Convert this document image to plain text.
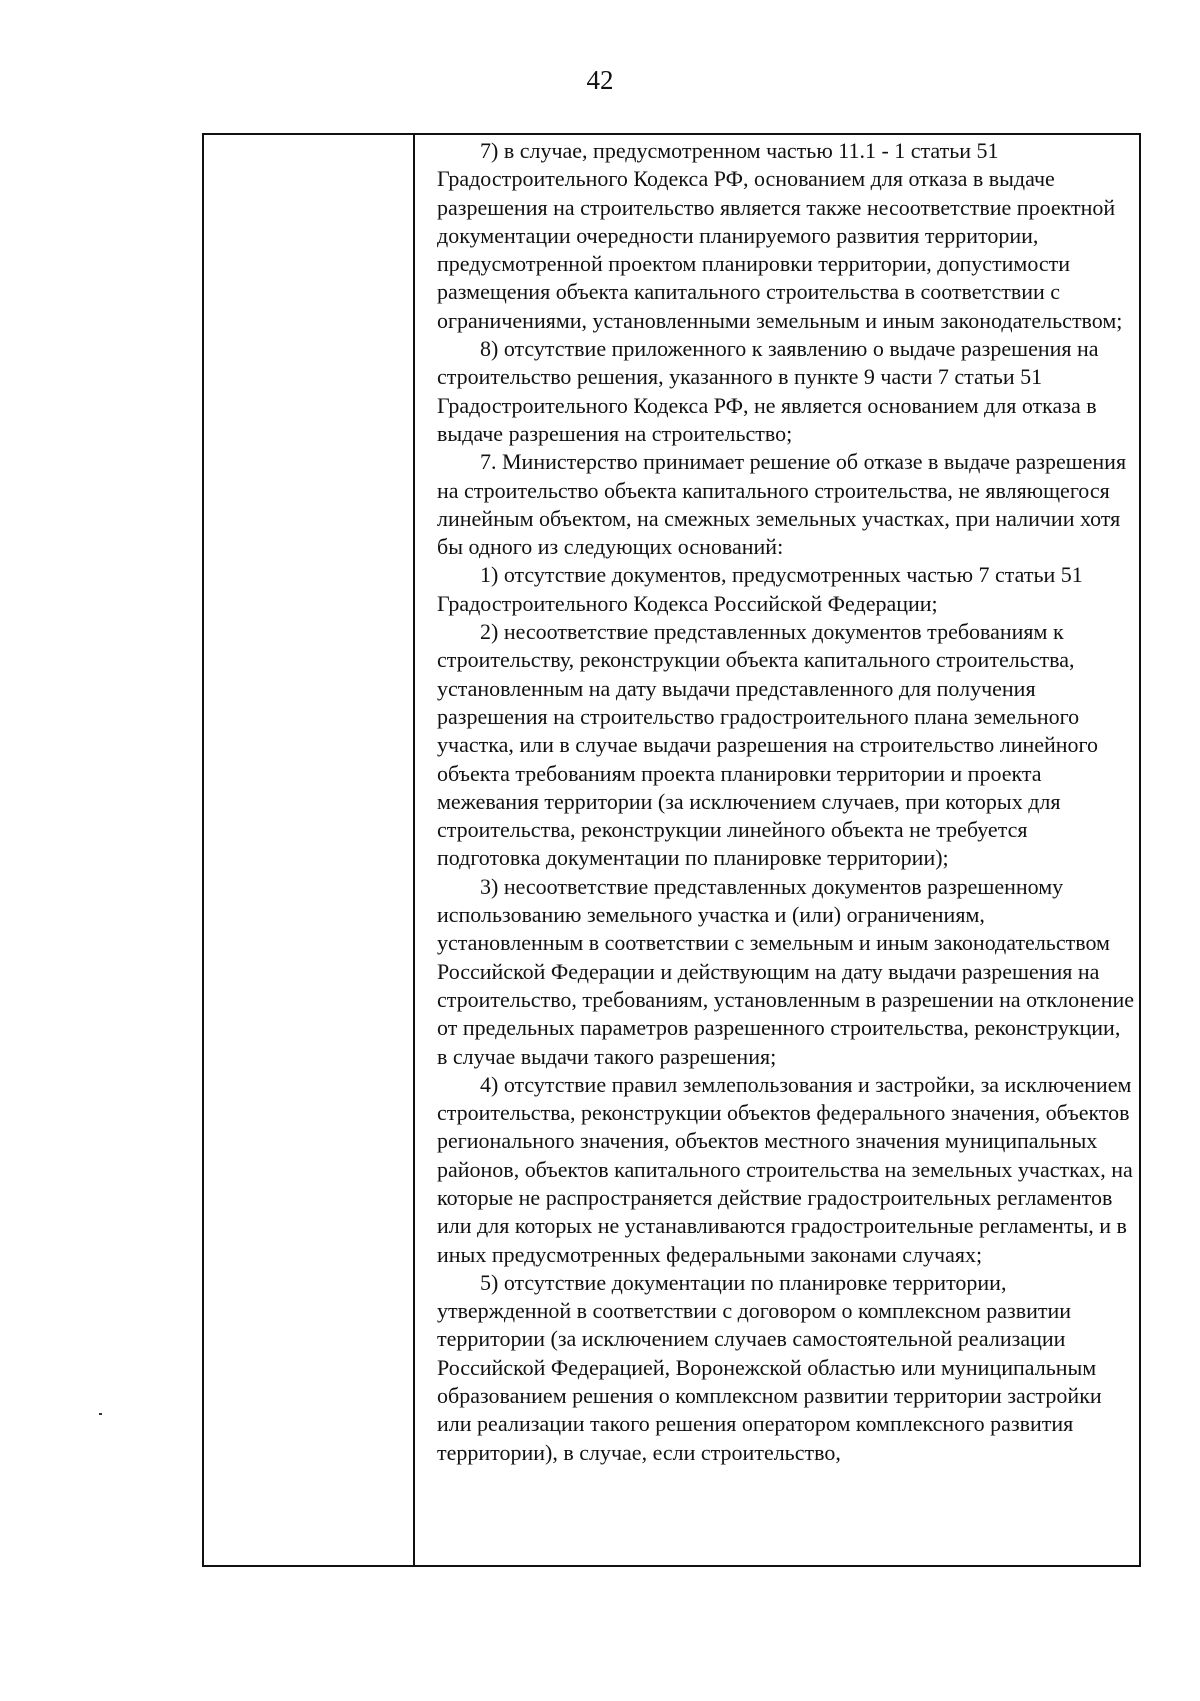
42

7) в случае, предусмотренном частью 11.1 - 1 статьи 51 Градостроительного Кодекса РФ, основанием для отказа в выдаче разрешения на строительство является также несоответствие проектной документации очередности планируемого развития территории, предусмотренной проектом планировки территории, допустимости размещения объекта капитального строительства в соответствии с ограничениями, установленными земельным и иным законодательством;

8) отсутствие приложенного к заявлению о выдаче разрешения на строительство решения, указанного в пункте 9 части 7 статьи 51 Градостроительного Кодекса РФ, не является основанием для отказа в выдаче разрешения на строительство;

7. Министерство принимает решение об отказе в выдаче разрешения на строительство объекта капитального строительства, не являющегося линейным объектом, на смежных земельных участках, при наличии хотя бы одного из следующих оснований:

1) отсутствие документов, предусмотренных частью 7 статьи 51 Градостроительного Кодекса Российской Федерации;

2) несоответствие представленных документов требованиям к строительству, реконструкции объекта капитального строительства, установленным на дату выдачи представленного для получения разрешения на строительство градостроительного плана земельного участка, или в случае выдачи разрешения на строительство линейного объекта требованиям проекта планировки территории и проекта межевания территории (за исключением случаев, при которых для строительства, реконструкции линейного объекта не требуется подготовка документации по планировке территории);

3) несоответствие представленных документов разрешенному использованию земельного участка и (или) ограничениям, установленным в соответствии с земельным и иным законодательством Российской Федерации и действующим на дату выдачи разрешения на строительство, требованиям, установленным в разрешении на отклонение от предельных параметров разрешенного строительства, реконструкции, в случае выдачи такого разрешения;

4) отсутствие правил землепользования и застройки, за исключением строительства, реконструкции объектов федерального значения, объектов регионального значения, объектов местного значения муниципальных районов, объектов капитального строительства на земельных участках, на которые не распространяется действие градостроительных регламентов или для которых не устанавливаются градостроительные регламенты, и в иных предусмотренных федеральными законами случаях;

5) отсутствие документации по планировке территории, утвержденной в соответствии с договором о комплексном развитии территории (за исключением случаев самостоятельной реализации Российской Федерацией, Воронежской областью или муниципальным образованием решения о комплексном развитии территории застройки или реализации такого решения оператором комплексного развития территории), в случае, если строительство,
